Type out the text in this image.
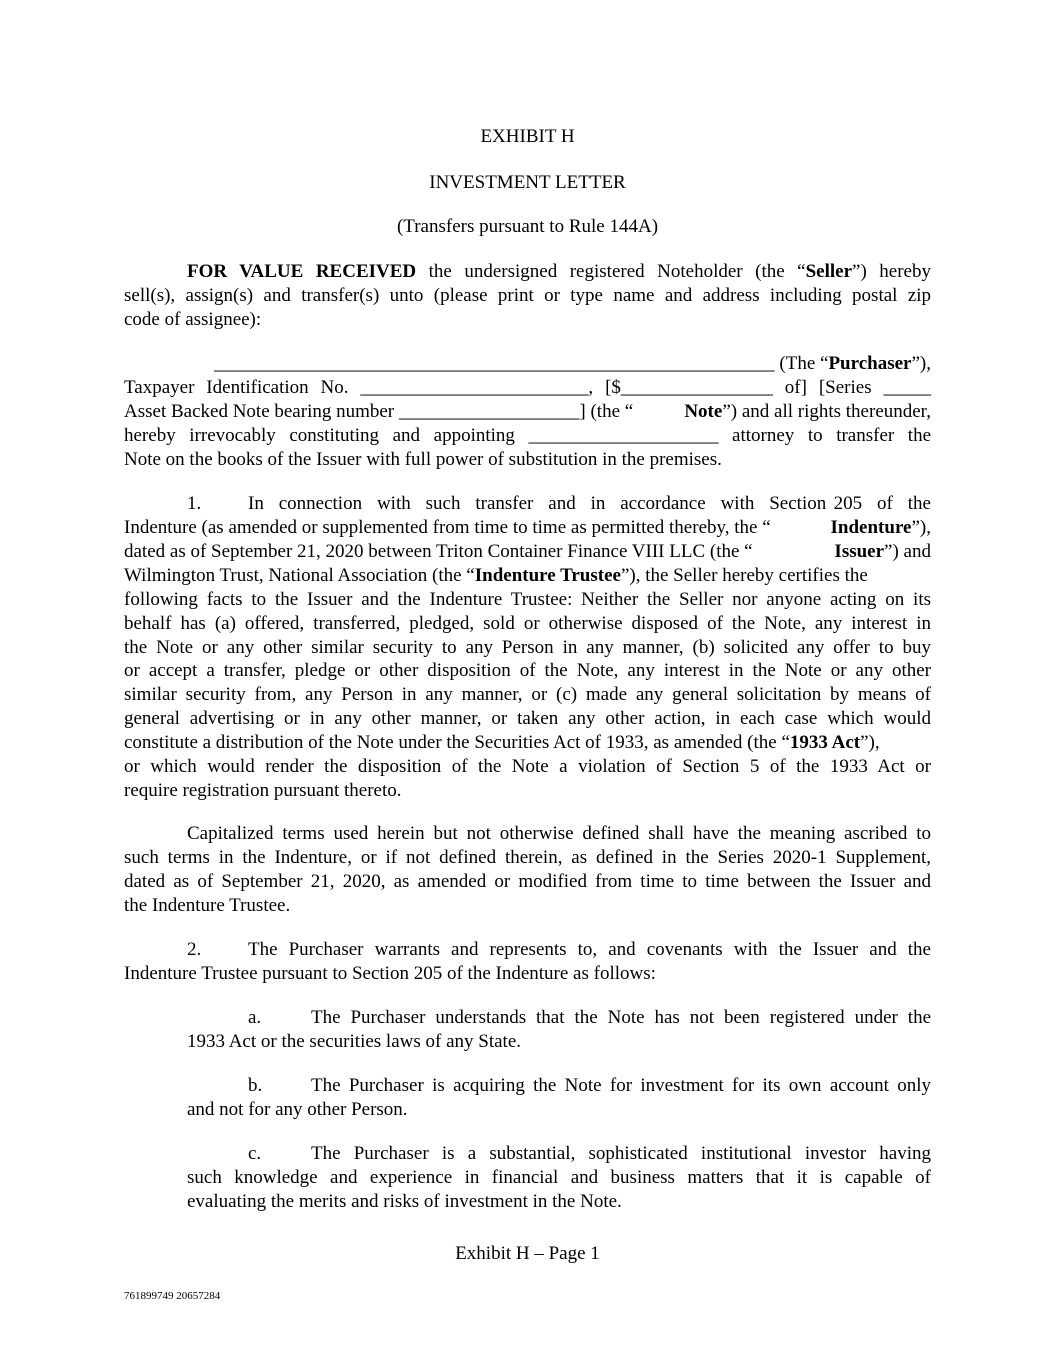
EXHIBIT H
INVESTMENT LETTER
(Transfers pursuant to Rule 144A)
FOR VALUE RECEIVED the undersigned registered Noteholder (the “Seller”) hereby
sell(s), assign(s) and transfer(s) unto (please print or type name and address including postal zip
code of assignee):
___________________________________________________________ (The “Purchaser”),
Taxpayer Identification No. ________________________, [$________________ of] [Series _____
Asset Backed Note bearing number ___________________] (the “	Note”) and all rights thereunder,
hereby  irrevocably  constituting  and  appointing  ____________________  attorney  to  transfer  the
Note on the books of the Issuer with full power of substitution in the premises.
1. In  connection  with  such  transfer  and  in  accordance  with  Section 205  of  the
Indenture (as amended or supplemented from time to time as permitted thereby, the “	Indenture”),
dated as of September 21, 2020 between Triton Container Finance VIII LLC (the “	Issuer”) and
Wilmington Trust, National Association (the “ Indenture Trustee ”), the Seller hereby certifies the
following facts to the Issuer and the Indenture Trustee: Neither the Seller nor anyone acting on its
behalf has (a) offered, transferred, pledged, sold or otherwise disposed of the Note, any interest in
the Note or any other similar security to any Person in any manner, (b) solicited any offer to buy
or accept a transfer, pledge or other disposition of the Note, any interest in the Note or any other
similar security from, any Person in any manner, or (c) made any general solicitation by means of
general advertising or in any other manner, or taken any other action, in each case which would
constitute a distribution of the Note under the Securities Act of 1933, as amended (the “ 1933 Act ”),
or which would render the disposition of the Note a violation of Section 5 of the 1933 Act or
require registration pursuant thereto.
Capitalized terms used herein but not otherwise defined shall have the meaning ascribed to
such terms in the Indenture, or if not defined therein, as defined in the Series 2020-1 Supplement,
dated as of September 21, 2020, as amended or modified from time to time between the Issuer and
the Indenture Trustee.
2. The Purchaser warrants and represents to, and covenants with the Issuer and the
Indenture Trustee pursuant to Section 205 of the Indenture as follows:
a.	The Purchaser understands that the Note has not been registered under the
1933 Act or the securities laws of any State.
b.	The Purchaser is acquiring the Note for investment for its own account only
and not for any other Person.
c.	The Purchaser is a substantial, sophisticated institutional investor having
such knowledge and experience in financial and business matters that it is capable of
evaluating the merits and risks of investment in the Note.
Exhibit H – Page 1
761899749 20657284
